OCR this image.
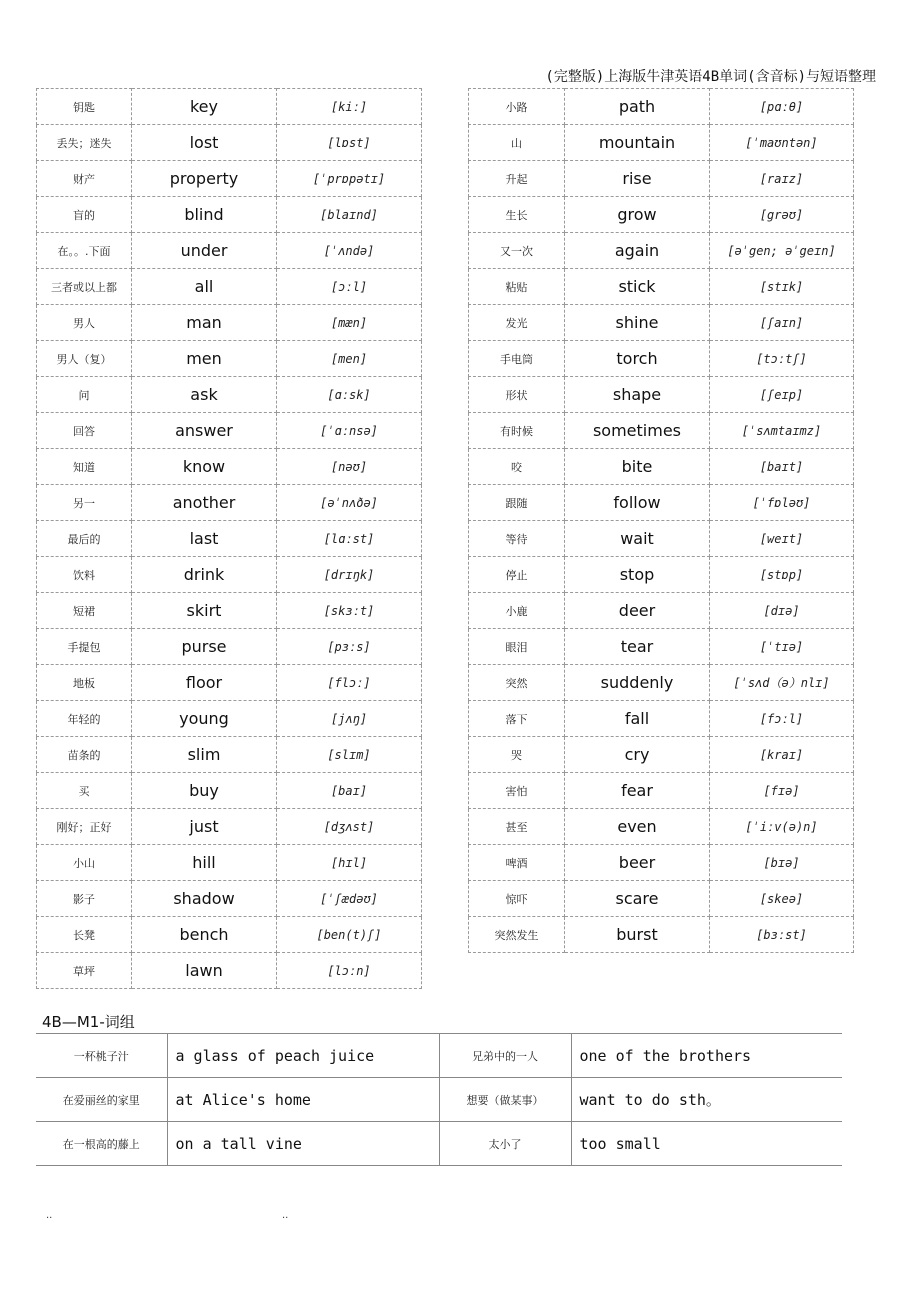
(完整版)上海版牛津英语4B单词(含音标)与短语整理
钥匙	key	[kiː]
丢失；迷失	lost	[lɒst]
财产	property	[ˈprɒpətɪ]
盲的	blind	[blaɪnd]
在。。.下面	under	[ˈʌndə]
三者或以上都	all	[ɔːl]
男人	man	[mæn]
男人（复）	men	[men]
问	ask	[ɑːsk]
回答	answer	[ˈɑːnsə]
知道	know	[nəʊ]
另一	another	[əˈnʌðə]
最后的	last	[lɑːst]
饮料	drink	[drɪŋk]
短裙	skirt	[skɜːt]
手提包	purse	[pɜːs]
地板	floor	[flɔː]
年轻的	young	[jʌŋ]
苗条的	slim	[slɪm]
买	buy	[baɪ]
刚好；正好	just	[dʒʌst]
小山	hill	[hɪl]
影子	shadow	[ˈʃædəʊ]
长凳	bench	[ben(t)ʃ]
草坪	lawn	[lɔːn]
小路	path	[pɑːθ]
山	mountain	[ˈmaʊntən]
升起	rise	[raɪz]
生长	grow	[grəʊ]
又一次	again	[əˈgen; əˈgeɪn]
粘贴	stick	[stɪk]
发光	shine	[ʃaɪn]
手电筒	torch	[tɔːtʃ]
形状	shape	[ʃeɪp]
有时候	sometimes	[ˈsʌmtaɪmz]
咬	bite	[baɪt]
跟随	follow	[ˈfɒləʊ]
等待	wait	[weɪt]
停止	stop	[stɒp]
小鹿	deer	[dɪə]
眼泪	tear	[ˈtɪə]
突然	suddenly	[ˈsʌd（ə）nlɪ]
落下	fall	[fɔːl]
哭	cry	[kraɪ]
害怕	fear	[fɪə]
甚至	even	[ˈiːv(ə)n]
啤酒	beer	[bɪə]
惊吓	scare	[skeə]
突然发生	burst	[bɜːst]
4B—M1-词组
一杯桃子汁	a glass of peach juice	兄弟中的一人	one of the brothers
在爱丽丝的家里	at Alice's home	想要（做某事）	want to do sth。
在一根高的藤上	on a tall vine	太小了	too small
..	..
